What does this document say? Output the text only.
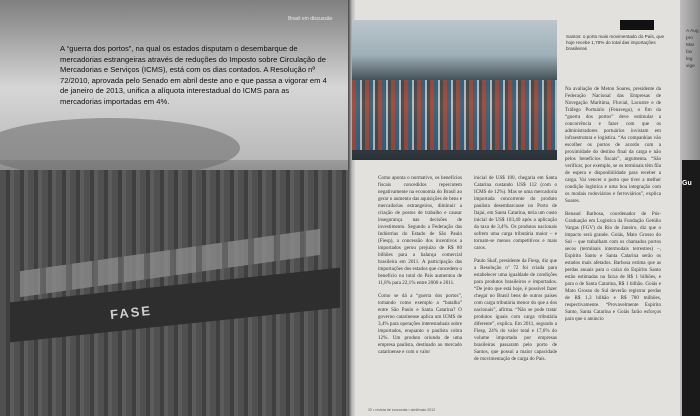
FASE
Brasil em discussão
A “guerra dos portos”, na qual os estados disputam o desembarque de mercadorias estrangeiras através de reduções do Imposto sobre Circulação de Mercadorias e Serviços (ICMS), está com os dias contados. A Resolução nº 72/2010, aprovada pelo Senado em abril deste ano e que passa a vigorar em 4 de janeiro de 2013, unifica a alíquota interestadual do ICMS para as mercadorias importadas em 4%.
Santos: o porto mais movimentado do País, que hoje recebe 1,78% do total das importações brasileiras

Como aponta o normativo, os benefícios fiscais concedidos repercutem negativamente na economia do Brasil ao gerar o aumento das aquisições de bens e mercadorias estrangeiros, diminuir a criação de postos de trabalho e causar insegurança nas decisões de investimento. Segundo a Federação das Indústrias do Estado de São Paulo (Fiesp), a concessão dos incentivos a importados gerou prejuízo de R$ 80 bilhões para a balança comercial brasileira em 2011. A participação das importações dos estados que concedem o benefício no total do País aumentou de 11,8% para 22,1% entre 2000 e 2011.

Como se dá a “guerra dos portos”, tomando como exemplo a “batalha” entre São Paulo e Santa Catarina? O governo catarinense aplica um ICMS de 3,4% para operações interestaduais sobre importados, enquanto o paulista cobra 12%. Um produto oriundo de uma empresa paulista, destinado ao mercado catarinense e com o valor

inicial de US$ 100, chegaria em Santa Catarina custando US$ 112 (com o ICMS de 12%). Mas se uma mercadoria importada concorrente do produto paulista desembarcasse no Porto de Itajaí, em Santa Catarina, teria um custo inicial de US$ 103,40 após a aplicação da taxa de 3,4%. Os produtos nacionais sofrem uma carga tributária maior – e tornam-se menos competitivos e mais caros.

Paulo Skaf, presidente da Fiesp, diz que a Resolução nº 72 foi criada para estabelecer uma igualdade de condições para produtos brasileiros e importados. “De jeito que está hoje, é possível fazer chegar no Brasil bens de outros países com carga tributária menor do que a dos nacionais”, afirma. “Não se pode tratar produtos iguais com carga tributária diferente”, explica. Em 2011, segundo a Fiesp, 24% do valor total e 17,6% do volume importado por empresas brasileiras passaram pelo porto de Santos, que possui a maior capacidade de movimentação de carga do País.

Na avaliação de Meton Soares, presidente da Federação Nacional das Empresas de Navegação Marítima, Fluvial, Lacustre e de Tráfego Portuário (Fenavega), o fim da “guerra dos portos” deve estimular a concorrência e fazer com que os administradores portuários invistam em infraestrutura e logística. “As companhias vão escolher os portos de acordo com a proximidade do destino final da carga e não pelos benefícios fiscais”, argumenta. “São verificar, por exemplo, se os terminais têm fila de espera e disponibilidade para receber a carga. Vai vencer o porto que tiver a melhor condição logística e uma boa integração com os modais rodoviários e ferroviários”, explica Soares.

Renaud Barbosa, coordenador de Pós-Graduação em Logística da Fundação Getúlio Vargas (FGV) do Rio de Janeiro, diz que o impacto será grande. Goiás, Mato Grosso do Sul – que trabalham com os chamados portos secos (terminais intermodais terrestres) –, Espírito Santo e Santa Catarina serão os estados mais afetados. Barbosa estima que as perdas anuais para o caixa do Espírito Santo estão estimadas na faixa de R$ 1 bilhões, e para o de Santa Catarina, R$ 1 bilhão. Goiás e Mato Grosso do Sul deverão registrar perdas de R$ 1,3 bilhão e R$ 700 milhões, respectivamente. “Provavelmente Espírito Santo, Santa Catarina e Goiás farão esforços para que o anúncio

32 • revista de economia • abril/maio 2012
A Aug pro Mar fav leg vige
Gu
